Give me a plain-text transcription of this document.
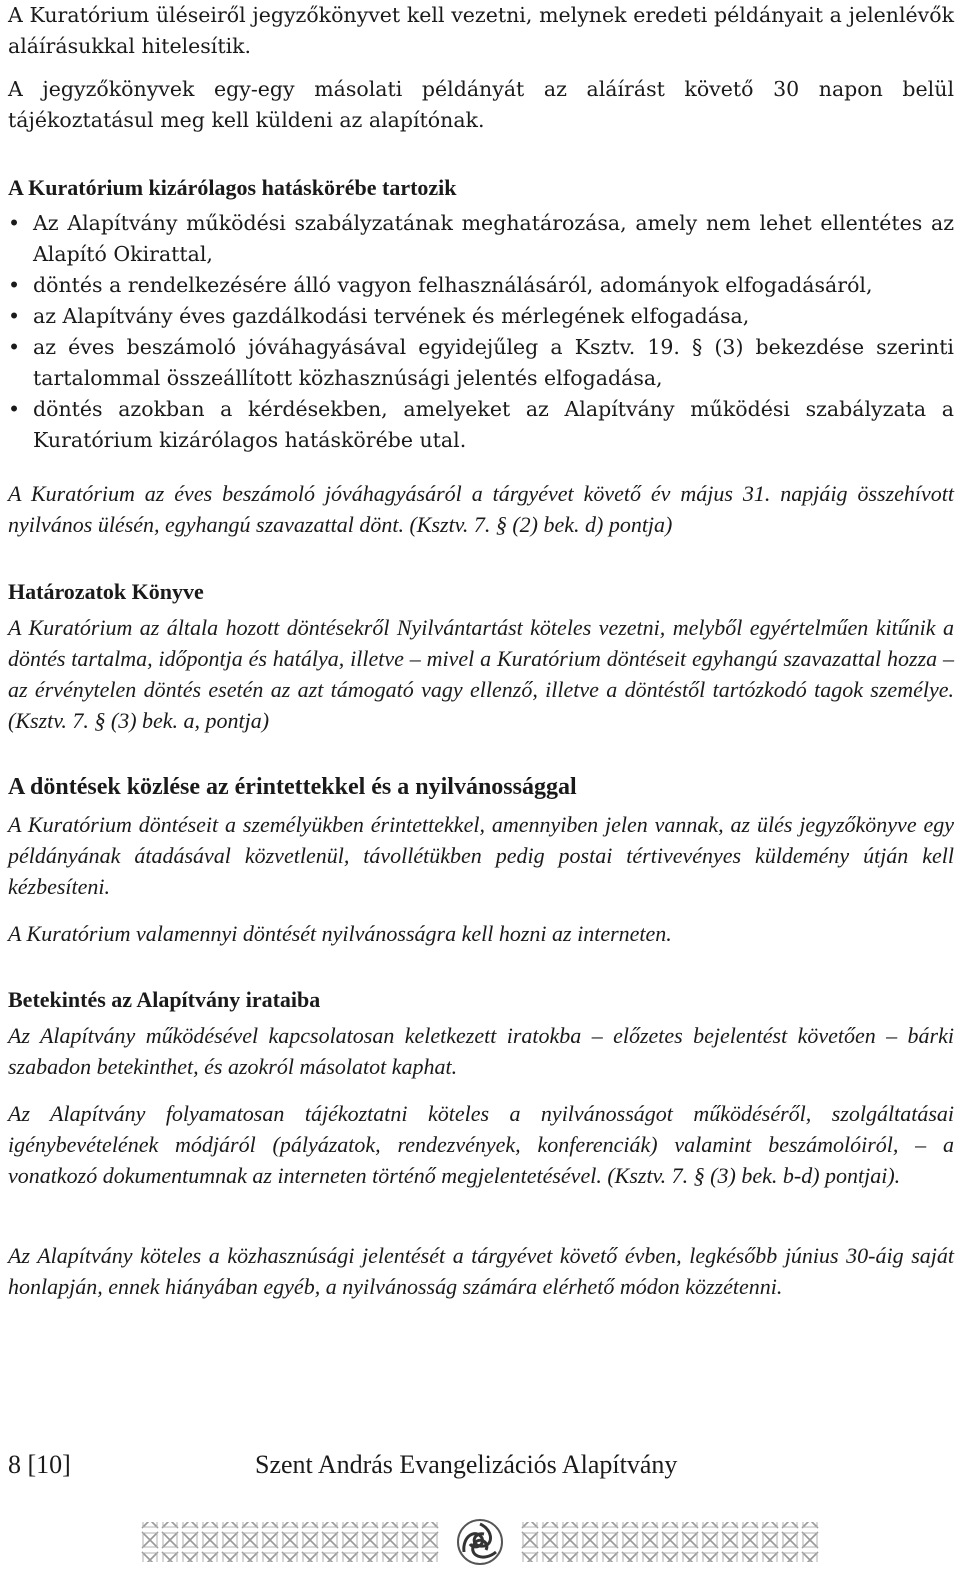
A Kuratórium üléseiről jegyzőkönyvet kell vezetni, melynek eredeti példányait a jelenlévők aláírásukkal hitelesítik.

A jegyzőkönyvek egy-egy másolati példányát az aláírást követő 30 napon belül tájékoztatásul meg kell küldeni az alapítónak.

A Kuratórium kizárólagos hatáskörébe tartozik
• Az Alapítvány működési szabályzatának meghatározása, amely nem lehet ellentétes az Alapító Okirattal,
• döntés a rendelkezésére álló vagyon felhasználásáról, adományok elfogadásáról,
• az Alapítvány éves gazdálkodási tervének és mérlegének elfogadása,
• az éves beszámoló jóváhagyásával egyidejűleg a Ksztv. 19. § (3) bekezdése szerinti tartalommal összeállított közhasznúsági jelentés elfogadása,
• döntés azokban a kérdésekben, amelyeket az Alapítvány működési szabályzata a Kuratórium kizárólagos hatáskörébe utal.

A Kuratórium az éves beszámoló jóváhagyásáról a tárgyévet követő év május 31. napjáig összehívott nyilvános ülésén, egyhangú szavazattal dönt. (Ksztv. 7. § (2) bek. d) pontja)

Határozatok Könyve

A Kuratórium az általa hozott döntésekről Nyilvántartást köteles vezetni, melyből egyértelműen kitűnik a döntés tartalma, időpontja és hatálya, illetve – mivel a Kuratórium döntéseit egyhangú szavazattal hozza – az érvénytelen döntés esetén az azt támogató vagy ellenző, illetve a döntéstől tartózkodó tagok személye. (Ksztv. 7. § (3) bek. a, pontja)

A döntések közlése az érintettekkel és a nyilvánossággal

A Kuratórium döntéseit a személyükben érintettekkel, amennyiben jelen vannak, az ülés jegyzőkönyve egy példányának átadásával közvetlenül, távollétükben pedig postai tértivevényes küldemény útján kell kézbesíteni.

A Kuratórium valamennyi döntését nyilvánosságra kell hozni az interneten.

Betekintés az Alapítvány irataiba

Az Alapítvány működésével kapcsolatosan keletkezett iratokba – előzetes bejelentést követően – bárki szabadon betekinthet, és azokról másolatot kaphat.

Az Alapítvány folyamatosan tájékoztatni köteles a nyilvánosságot működéséről, szolgáltatásai igénybevételének módjáról (pályázatok, rendezvények, konferenciák) valamint beszámolóiról, – a vonatkozó dokumentumnak az interneten történő megjelentetésével. (Ksztv. 7. § (3) bek. b-d) pontjai).

Az Alapítvány köteles a közhasznúsági jelentését a tárgyévet követő évben, legkésőbb június 30-áig saját honlapján, ennek hiányában egyéb, a nyilvánosság számára elérhető módon közzétenni.

8 [10]	Szent András Evangelizációs Alapítvány
